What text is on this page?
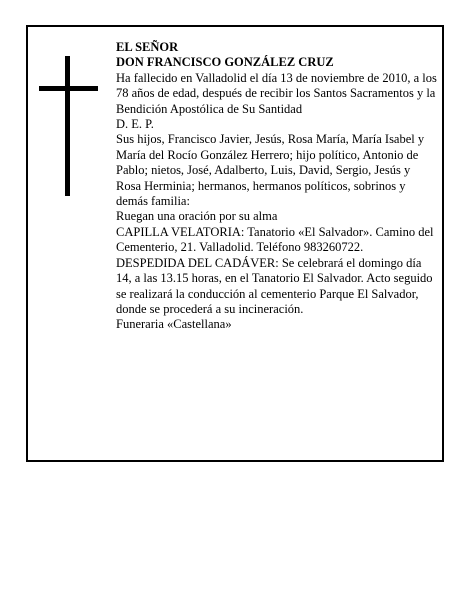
EL SEÑOR

DON FRANCISCO GONZÁLEZ CRUZ

Ha fallecido en Valladolid el día 13 de noviembre de 2010, a los 78 años de edad, después de recibir los Santos Sacramentos y la Bendición Apostólica de Su Santidad

D. E. P.

Sus hijos, Francisco Javier, Jesús, Rosa María, María Isabel y María del Rocío González Herrero; hijo político, Antonio de Pablo; nietos, José, Adalberto, Luis, David, Sergio, Jesús y Rosa Herminia; hermanos, hermanos políticos, sobrinos y demás familia:

Ruegan una oración por su alma

CAPILLA VELATORIA: Tanatorio «El Salvador». Camino del Cementerio, 21. Valladolid. Teléfono 983260722.

DESPEDIDA DEL CADÁVER: Se celebrará el domingo día 14, a las 13.15 horas, en el Tanatorio El Salvador. Acto seguido se realizará la conducción al cementerio Parque El Salvador, donde se procederá a su incineración.

Funeraria «Castellana»
